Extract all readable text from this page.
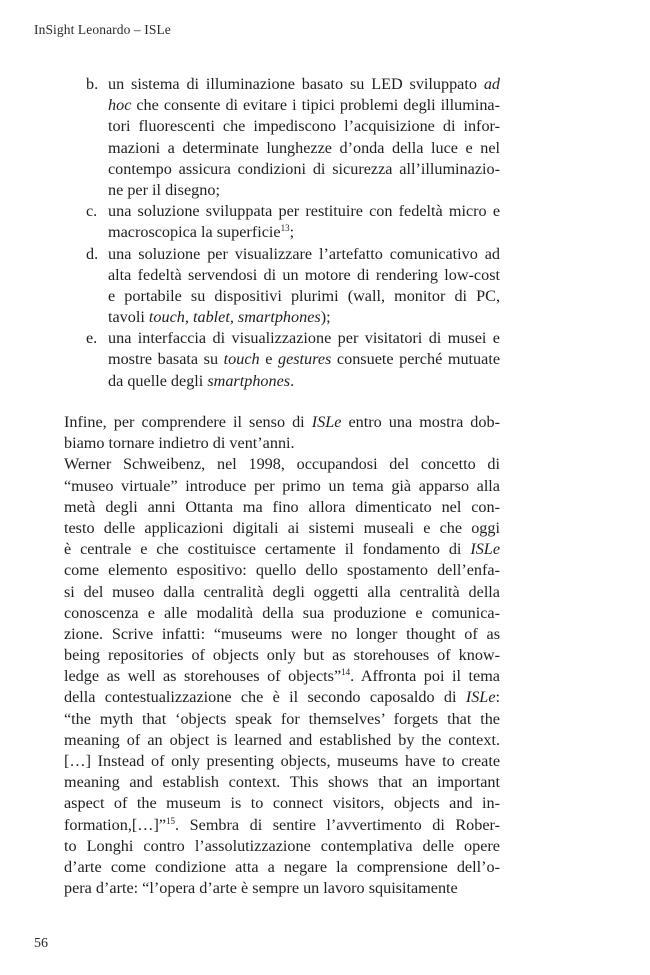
InSight Leonardo – ISLe
b. un sistema di illuminazione basato su LED sviluppato ad
hoc che consente di evitare i tipici problemi degli illumina-
tori fluorescenti che impediscono l’acquisizione di infor-
mazioni a determinate lunghezze d’onda della luce e nel
contempo assicura condizioni di sicurezza all’illuminazio-
ne per il disegno;
c. una soluzione sviluppata per restituire con fedeltà micro e
macroscopica la superficie$^{13}$;
d. una soluzione per visualizzare l’artefatto comunicativo ad
alta fedeltà servendosi di un motore di rendering low-cost
e portabile su dispositivi plurimi (wall, monitor di PC,
tavoli touch, tablet, smartphones);
e. una interfaccia di visualizzazione per visitatori di musei e
mostre basata su touch e gestures consuete perché mutuate
da quelle degli smartphones.
Infine, per comprendere il senso di ISLe entro una mostra dob-
biamo tornare indietro di vent’anni.
Werner Schweibenz, nel 1998, occupandosi del concetto di
“museo virtuale” introduce per primo un tema già apparso alla
metà degli anni Ottanta ma fino allora dimenticato nel con-
testo delle applicazioni digitali ai sistemi museali e che oggi
è centrale e che costituisce certamente il fondamento di ISLe
come elemento espositivo: quello dello spostamento dell’enfa-
si del museo dalla centralità degli oggetti alla centralità della
conoscenza e alle modalità della sua produzione e comunica-
zione. Scrive infatti: “museums were no longer thought of as
being repositories of objects only but as storehouses of know-
ledge as well as storehouses of objects”$^{14}$. Affronta poi il tema
della contestualizzazione che è il secondo caposaldo di ISLe:
“the myth that ‘objects speak for themselves’ forgets that the
meaning of an object is learned and established by the context.
[…] Instead of only presenting objects, museums have to create
meaning and establish context. This shows that an important
aspect of the museum is to connect visitors, objects and in-
formation,[…]”$^{15}$. Sembra di sentire l’avvertimento di Rober-
to Longhi contro l’assolutizzazione contemplativa delle opere
d’arte come condizione atta a negare la comprensione dell’o-
pera d’arte: “l’opera d’arte è sempre un lavoro squisitamente
56
